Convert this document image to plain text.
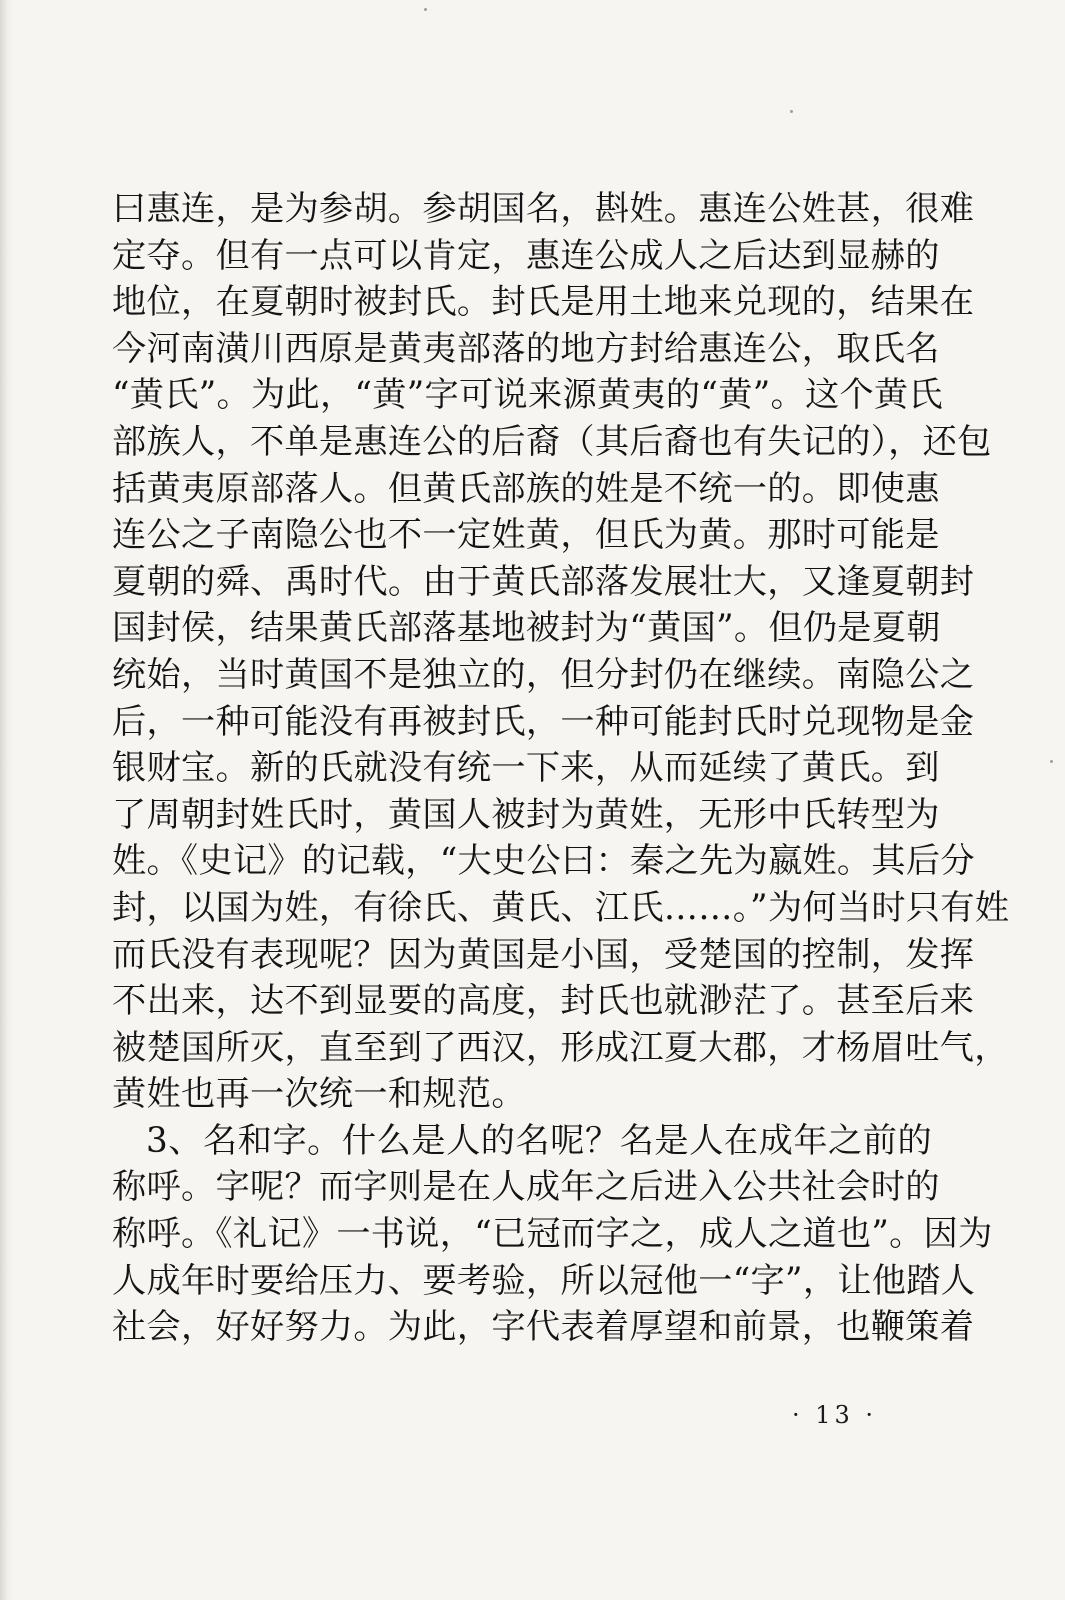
曰惠连，是为参胡。参胡国名，斟姓。惠连公姓甚，很难
定夺。但有一点可以肯定，惠连公成人之后达到显赫的
地位，在夏朝时被封氏。封氏是用土地来兑现的，结果在
今河南潢川西原是黄夷部落的地方封给惠连公，取氏名
“黄氏”。为此，“黄”字可说来源黄夷的“黄”。这个黄氏
部族人，不单是惠连公的后裔（其后裔也有失记的），还包
括黄夷原部落人。但黄氏部族的姓是不统一的。即使惠
连公之子南隐公也不一定姓黄，但氏为黄。那时可能是
夏朝的舜、禹时代。由于黄氏部落发展壮大，又逢夏朝封
国封侯，结果黄氏部落基地被封为“黄国”。但仍是夏朝
统始，当时黄国不是独立的，但分封仍在继续。南隐公之
后，一种可能没有再被封氏，一种可能封氏时兑现物是金
银财宝。新的氏就没有统一下来，从而延续了黄氏。到
了周朝封姓氏时，黄国人被封为黄姓，无形中氏转型为
姓。《史记》的记载，“大史公曰：秦之先为嬴姓。其后分
封，以国为姓，有徐氏、黄氏、江氏……。”为何当时只有姓
而氏没有表现呢？因为黄国是小国，受楚国的控制，发挥
不出来，达不到显要的高度，封氏也就渺茫了。甚至后来
被楚国所灭，直至到了西汉，形成江夏大郡，才杨眉吐气，
黄姓也再一次统一和规范。
3、名和字。什么是人的名呢？名是人在成年之前的
称呼。字呢？而字则是在人成年之后进入公共社会时的
称呼。《礼记》一书说，“已冠而字之，成人之道也”。因为
人成年时要给压力、要考验，所以冠他一“字”，让他踏人
社会，好好努力。为此，字代表着厚望和前景，也鞭策着
· 13 ·
